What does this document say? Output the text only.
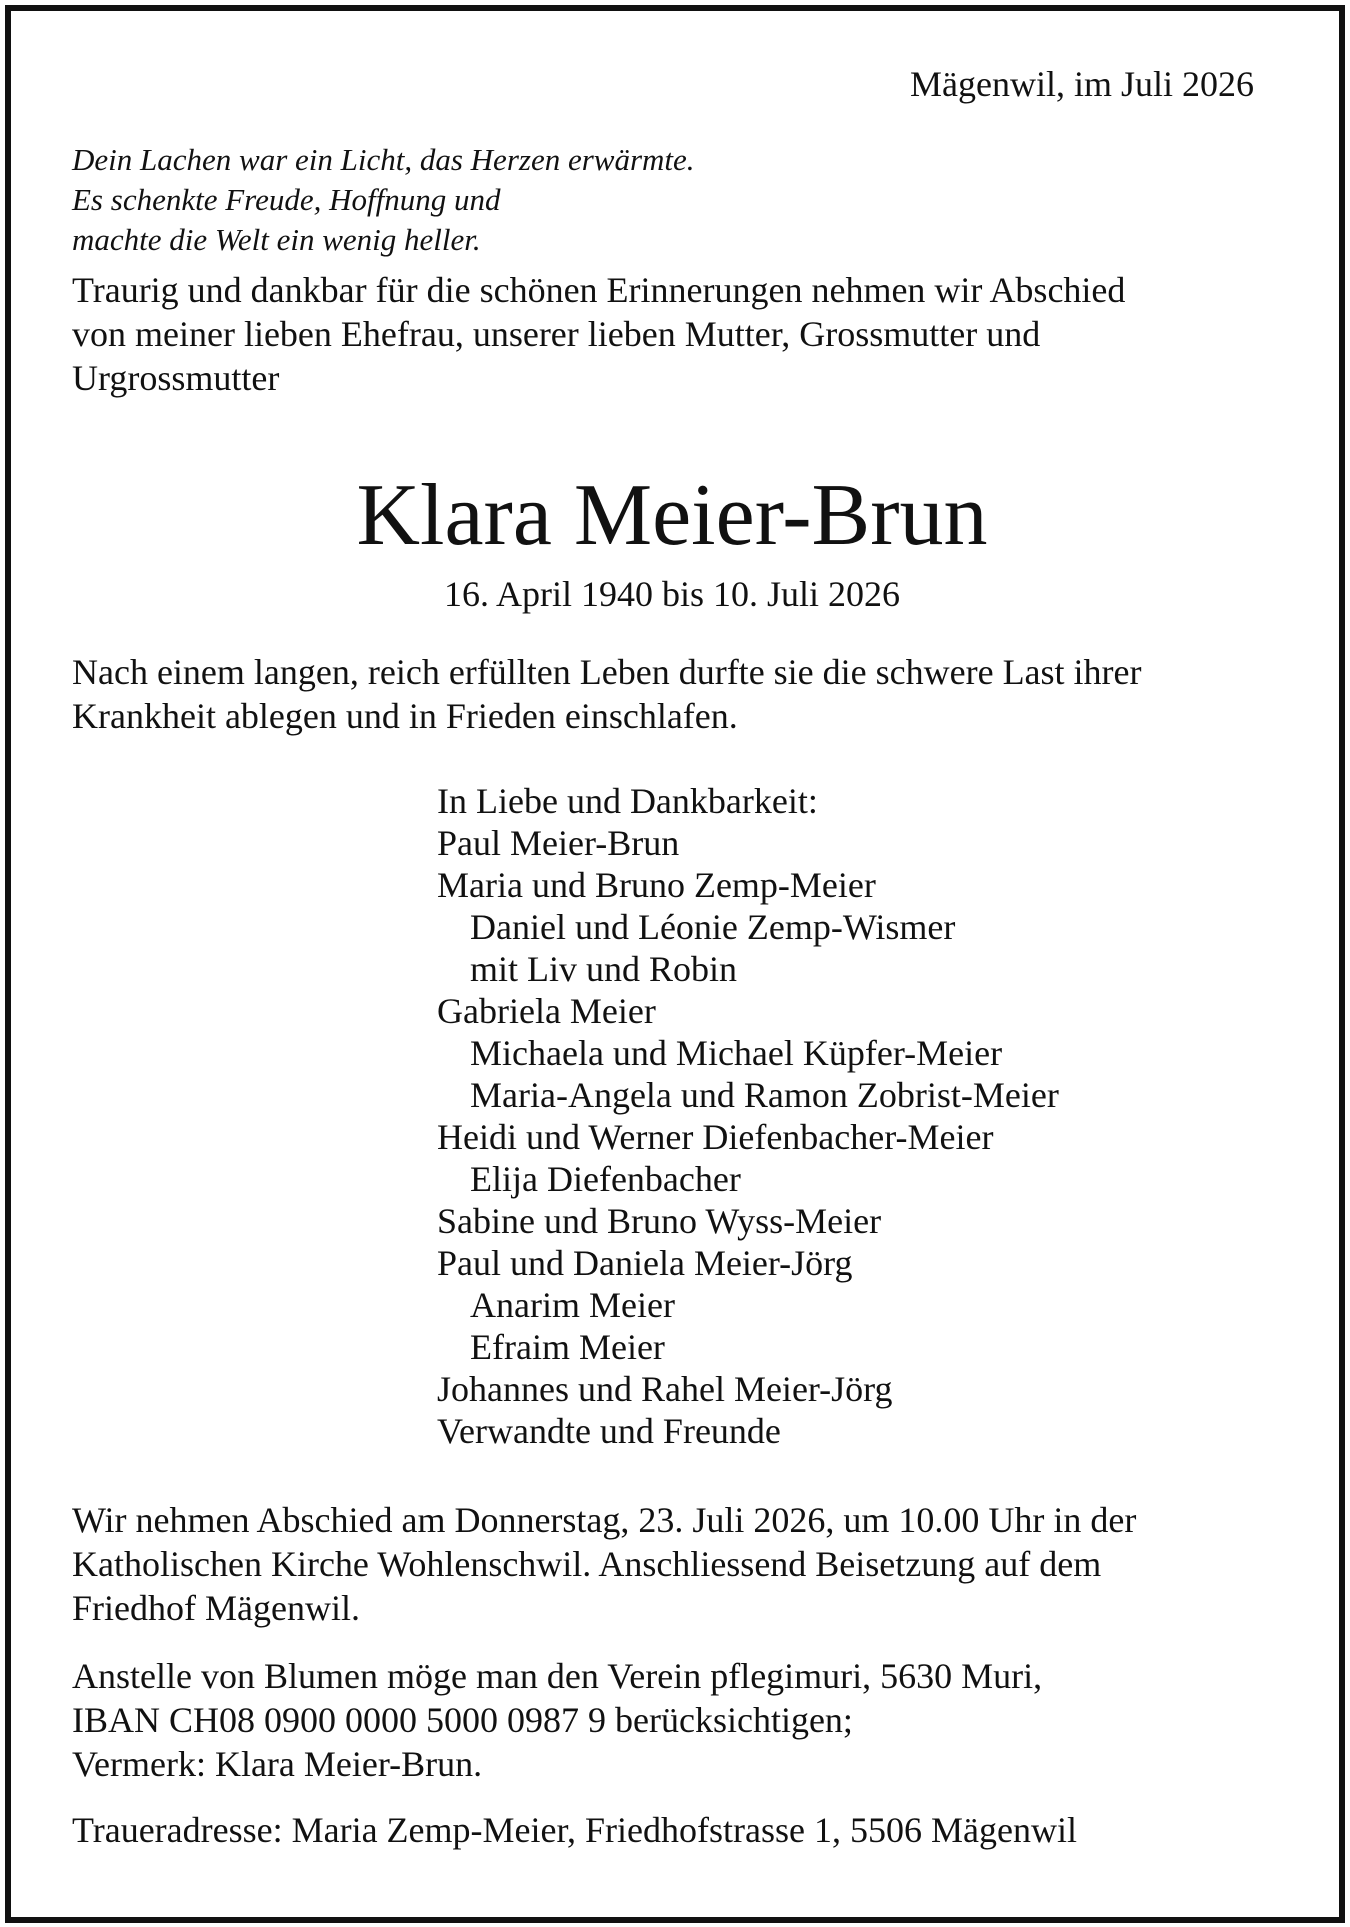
Mägenwil, im Juli 2026
Dein Lachen war ein Licht, das Herzen erwärmte.
Es schenkte Freude, Hoffnung und
machte die Welt ein wenig heller.
Traurig und dankbar für die schönen Erinnerungen nehmen wir Abschied
von meiner lieben Ehefrau, unserer lieben Mutter, Grossmutter und
Urgrossmutter
Klara Meier-Brun
16. April 1940 bis 10. Juli 2026
Nach einem langen, reich erfüllten Leben durfte sie die schwere Last ihrer
Krankheit ablegen und in Frieden einschlafen.
In Liebe und Dankbarkeit:
Paul Meier-Brun
Maria und Bruno Zemp-Meier
Daniel und Léonie Zemp-Wismer
mit Liv und Robin
Gabriela Meier
Michaela und Michael Küpfer-Meier
Maria-Angela und Ramon Zobrist-Meier
Heidi und Werner Diefenbacher-Meier
Elija Diefenbacher
Sabine und Bruno Wyss-Meier
Paul und Daniela Meier-Jörg
Anarim Meier
Efraim Meier
Johannes und Rahel Meier-Jörg
Verwandte und Freunde
Wir nehmen Abschied am Donnerstag, 23. Juli 2026, um 10.00 Uhr in der
Katholischen Kirche Wohlenschwil. Anschliessend Beisetzung auf dem
Friedhof Mägenwil.
Anstelle von Blumen möge man den Verein pflegimuri, 5630 Muri,
IBAN CH08 0900 0000 5000 0987 9 berücksichtigen;
Vermerk: Klara Meier-Brun.
Traueradresse: Maria Zemp-Meier, Friedhofstrasse 1, 5506 Mägenwil
